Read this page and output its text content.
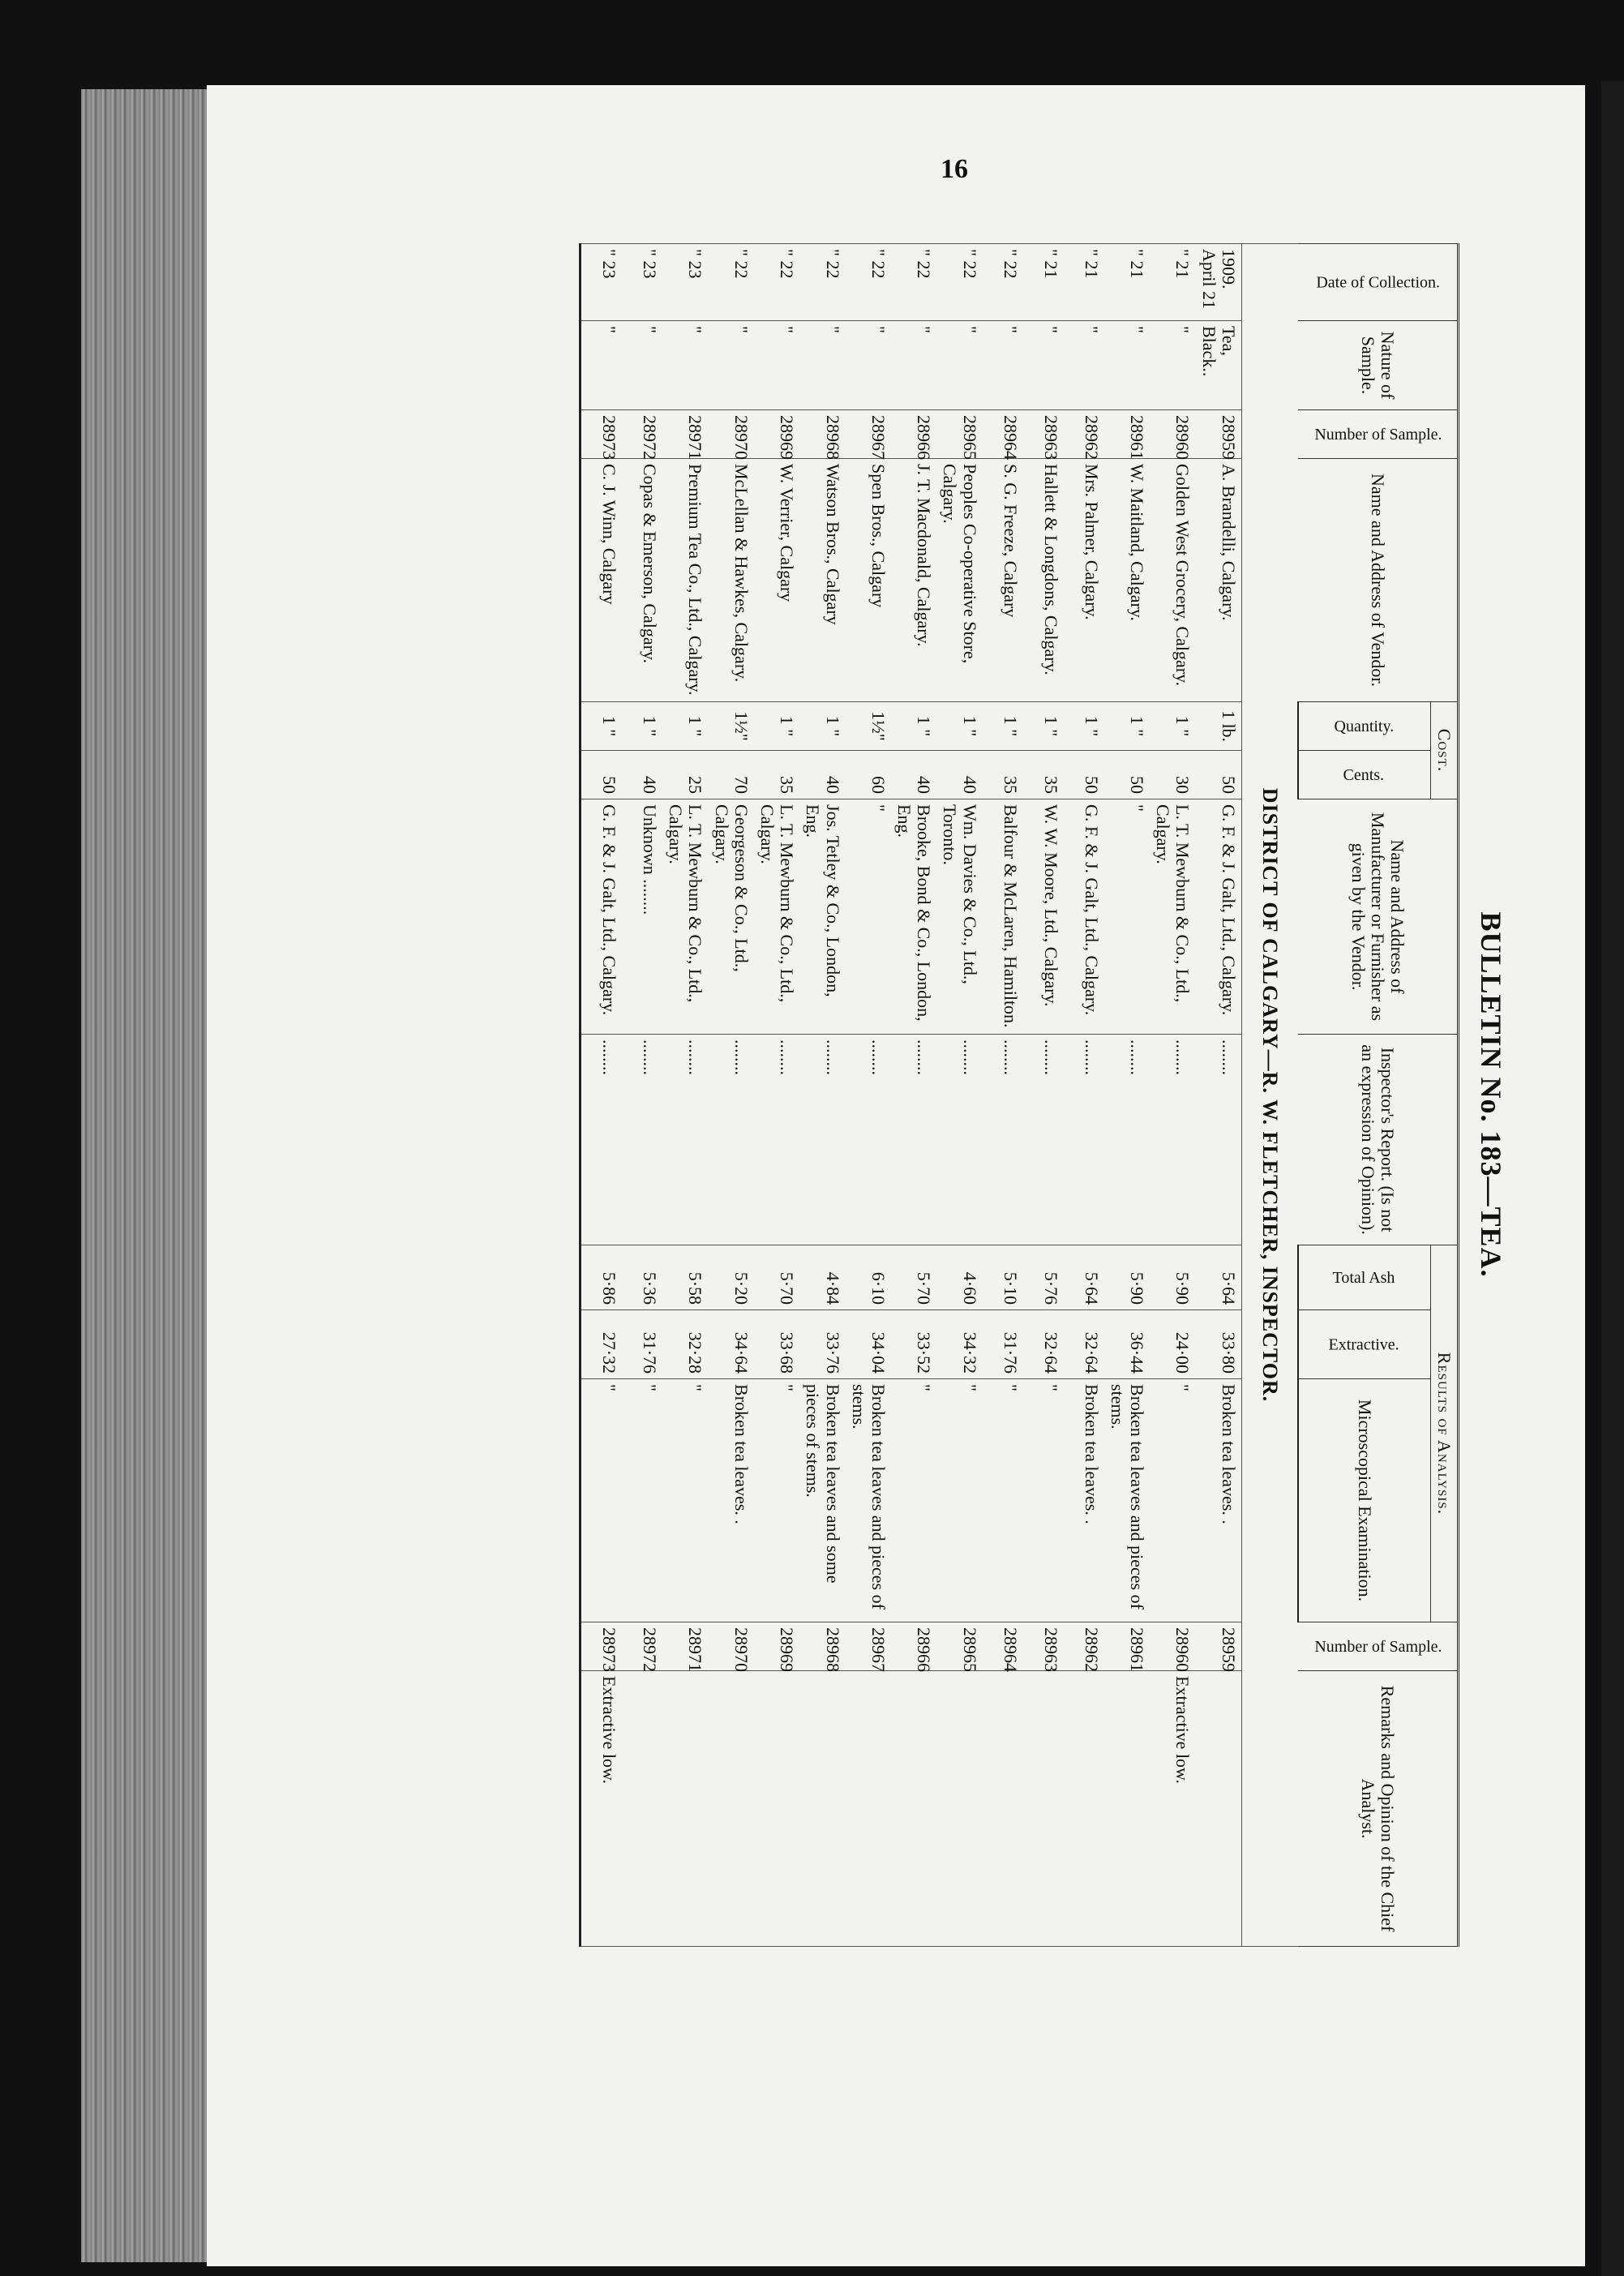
16
BULLETIN No. 183—TEA.
Date of Collection.	Nature of Sample.	Number of Sample.	Name and Address of Vendor.	Cost.		Name and Address of Manufacturer or Furnisher as given by the Vendor.	Inspector's Report. (Is not an expression of Opinion).	Results of Analysis.			Number of Sample.	Remarks and Opinion of the Chief Analyst.
				Quantity.	Cents.			Total Ash	Extractive.	Microscopical Examination.		
DISTRICT OF CALGARY—R. W. FLETCHER, INSPECTOR.												
1909. April 21	Tea, Black..	28959	A. Brandelli, Calgary.	1 lb.	50	G. F. & J. Galt, Ltd., Calgary.	........	5·64	33·80	Broken tea leaves. .	28959	
" 21	"	28960	Golden West Grocery, Calgary.	1 "	30	L. T. Mewburn & Co., Ltd., Calgary.	........	5·90	24·00	"	28960	Extractive low.
" 21	"	28961	W. Maitland, Calgary.	1 "	50	"	........	5·90	36·44	Broken tea leaves and pieces of stems.	28961	
" 21	"	28962	Mrs. Palmer, Calgary.	1 "	50	G. F. & J. Galt, Ltd., Calgary.	........	5·64	32·64	Broken tea leaves. .	28962	
" 21	"	28963	Hallett & Longdons, Calgary.	1 "	35	W. W. Moore, Ltd., Calgary.	........	5·76	32·64	"	28963	
" 22	"	28964	S. G. Freeze, Calgary	1 "	35	Balfour & McLaren, Hamilton.	........	5·10	31·76	"	28964	
" 22	"	28965	Peoples Co-operative Store, Calgary.	1 "	40	Wm. Davies & Co., Ltd., Toronto.	........	4·60	34·32	"	28965	
" 22	"	28966	J. T. Macdonald, Calgary.	1 "	40	Brooke, Bond & Co., London, Eng.	........	5·70	33·52	"	28966	
" 22	"	28967	Spen Bros., Calgary	1½"	60	"	........	6·10	34·04	Broken tea leaves and pieces of stems.	28967	
" 22	"	28968	Watson Bros., Calgary	1 "	40	Jos. Tetley & Co., London, Eng.	........	4·84	33·76	Broken tea leaves and some pieces of stems.	28968	
" 22	"	28969	W. Verrier, Calgary	1 "	35	L. T. Mewburn & Co., Ltd., Calgary.	........	5·70	33·68	"	28969	
" 22	"	28970	McLellan & Hawkes, Calgary.	1½"	70	Georgeson & Co., Ltd., Calgary.	........	5·20	34·64	Broken tea leaves. .	28970	
" 23	"	28971	Premium Tea Co., Ltd., Calgary.	1 "	25	L. T. Mewburn & Co., Ltd., Calgary.	........	5·58	32·28	"	28971	
" 23	"	28972	Copas & Emerson, Calgary.	1 "	40	Unknown ........	........	5·36	31·76	"	28972	
" 23	"	28973	C. J. Winn, Calgary	1 "	50	G. F. & J. Galt, Ltd., Calgary.	........	5·86	27·32	"	28973	Extractive low.
